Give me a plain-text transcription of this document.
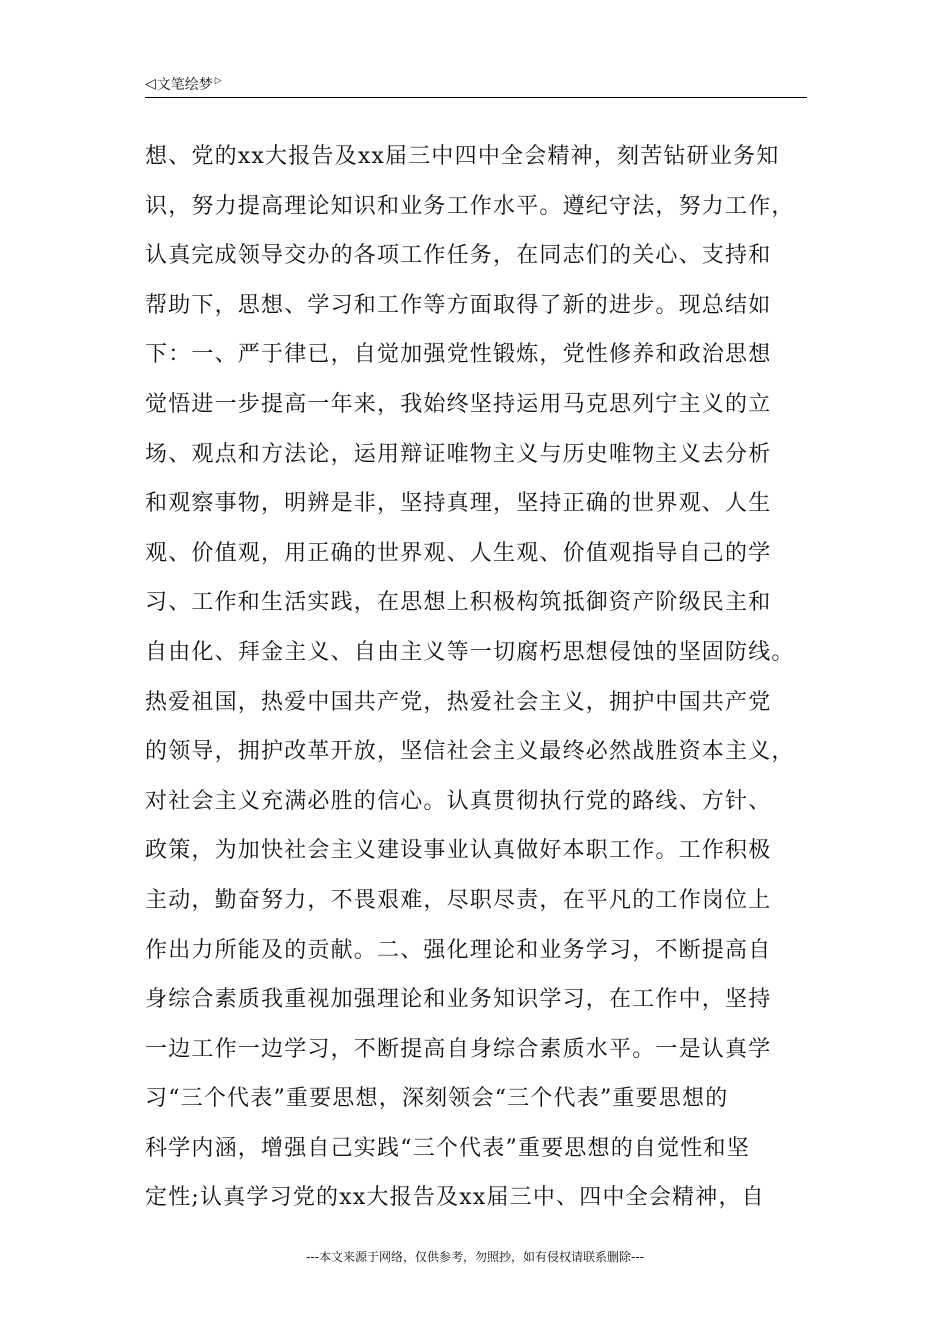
◁ 文笔绘梦 ▷
想、党的xx大报告及xx届三中四中全会精神，刻苦钻研业务知
识，努力提高理论知识和业务工作水平。遵纪守法，努力工作，
认真完成领导交办的各项工作任务，在同志们的关心、支持和
帮助下，思想、学习和工作等方面取得了新的进步。现总结如
下：一、严于律已，自觉加强党性锻炼，党性修养和政治思想
觉悟进一步提高一年来，我始终坚持运用马克思列宁主义的立
场、观点和方法论，运用辩证唯物主义与历史唯物主义去分析
和观察事物，明辨是非，坚持真理，坚持正确的世界观、人生
观、价值观，用正确的世界观、人生观、价值观指导自己的学
习、工作和生活实践，在思想上积极构筑抵御资产阶级民主和
自由化、拜金主义、自由主义等一切腐朽思想侵蚀的坚固防线。
热爱祖国，热爱中国共产党，热爱社会主义，拥护中国共产党
的领导，拥护改革开放，坚信社会主义最终必然战胜资本主义，
对社会主义充满必胜的信心。认真贯彻执行党的路线、方针、
政策，为加快社会主义建设事业认真做好本职工作。工作积极
主动，勤奋努力，不畏艰难，尽职尽责，在平凡的工作岗位上
作出力所能及的贡献。二、强化理论和业务学习，不断提高自
身综合素质我重视加强理论和业务知识学习，在工作中，坚持
一边工作一边学习，不断提高自身综合素质水平。一是认真学
习“三个代表”重要思想，深刻领会“三个代表”重要思想的
科学内涵，增强自己实践“三个代表”重要思想的自觉性和坚
定性;认真学习党的xx大报告及xx届三中、四中全会精神，自
---本文来源于网络，仅供参考，勿照抄，如有侵权请联系删除---
